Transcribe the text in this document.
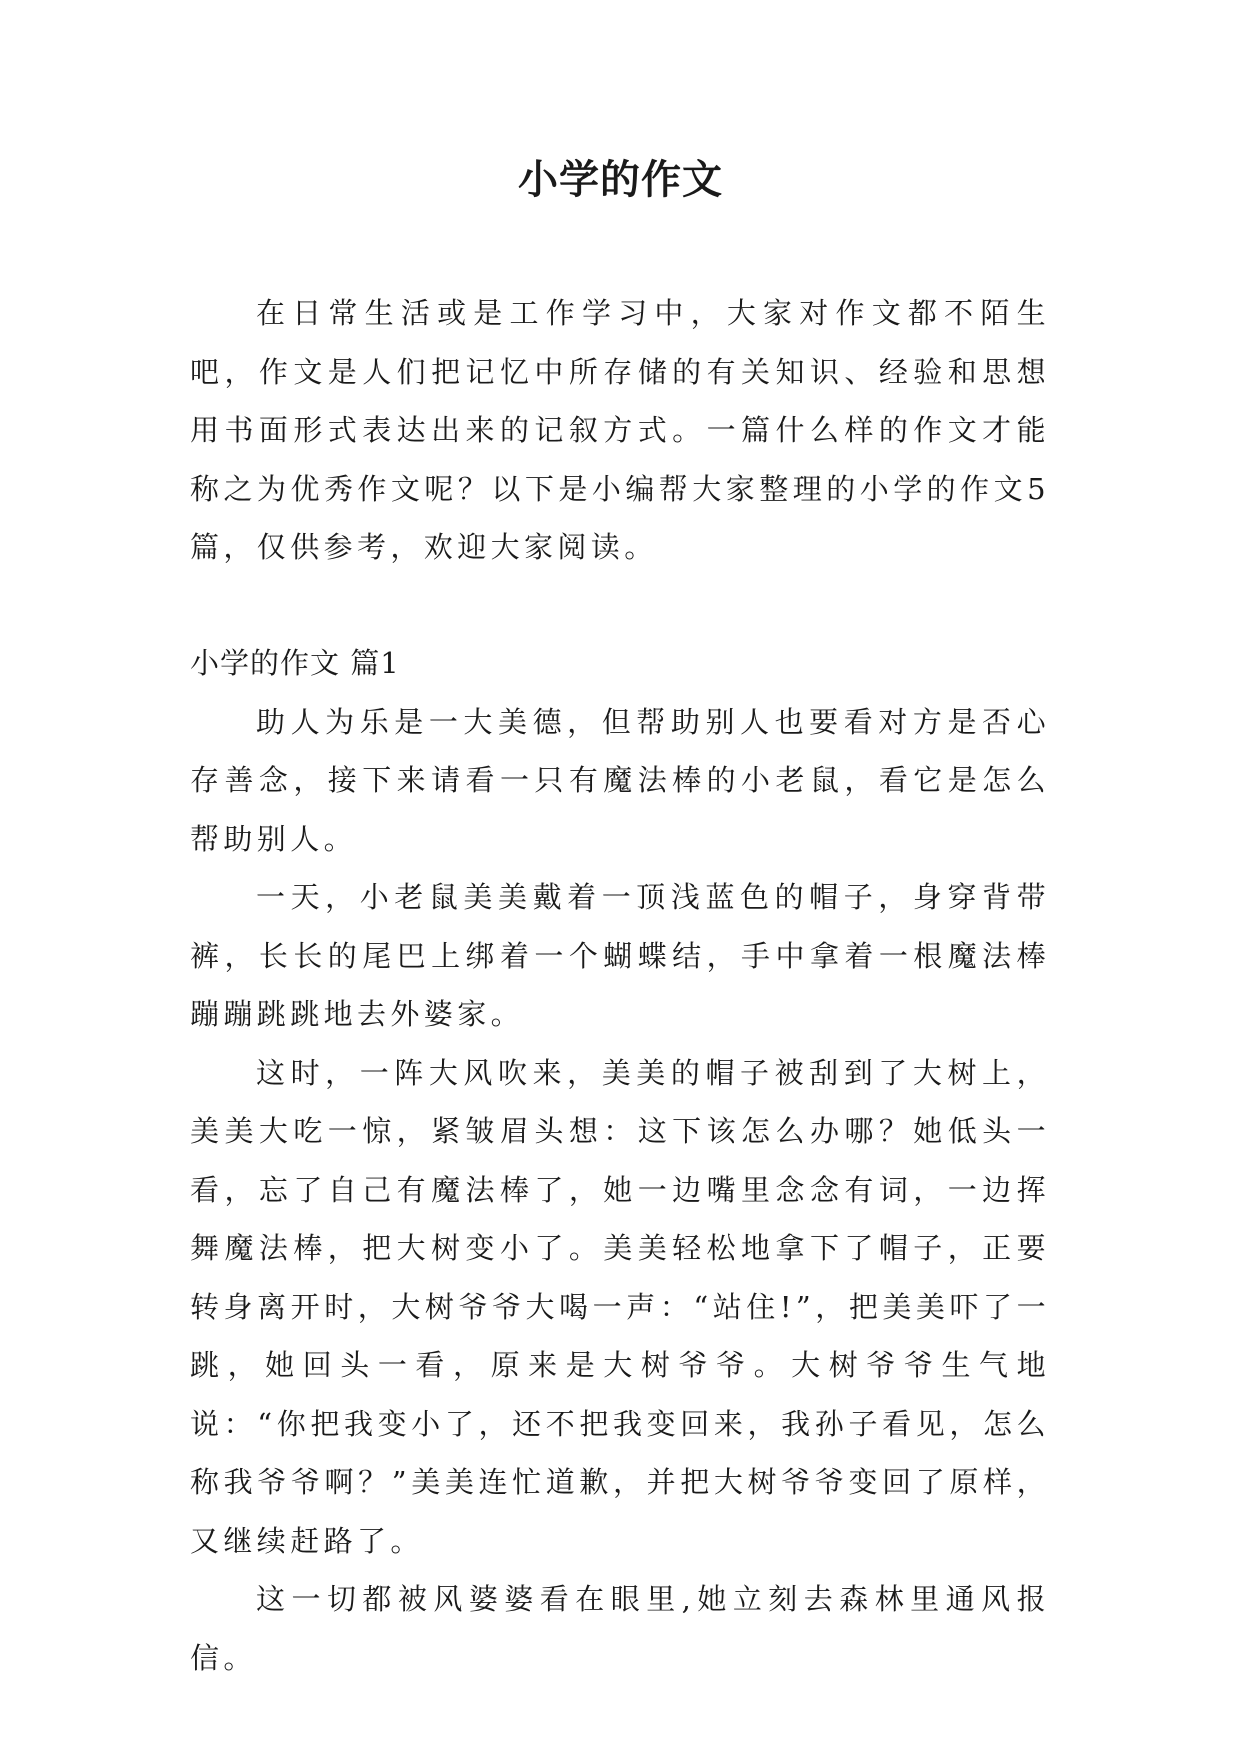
小学的作文

在日常生活或是工作学习中，大家对作文都不陌生吧，作文是人们把记忆中所存储的有关知识、经验和思想用书面形式表达出来的记叙方式。一篇什么样的作文才能称之为优秀作文呢？以下是小编帮大家整理的小学的作文5篇，仅供参考，欢迎大家阅读。

小学的作文 篇1

助人为乐是一大美德，但帮助别人也要看对方是否心存善念，接下来请看一只有魔法棒的小老鼠，看它是怎么帮助别人。

一天，小老鼠美美戴着一顶浅蓝色的帽子，身穿背带裤，长长的尾巴上绑着一个蝴蝶结，手中拿着一根魔法棒蹦蹦跳跳地去外婆家。

这时，一阵大风吹来，美美的帽子被刮到了大树上，美美大吃一惊，紧皱眉头想：这下该怎么办哪？她低头一看，忘了自己有魔法棒了，她一边嘴里念念有词，一边挥舞魔法棒，把大树变小了。美美轻松地拿下了帽子，正要转身离开时，大树爷爷大喝一声：“站住!”，把美美吓了一跳，她回头一看，原来是大树爷爷。大树爷爷生气地说：“你把我变小了，还不把我变回来，我孙子看见，怎么称我爷爷啊？”美美连忙道歉，并把大树爷爷变回了原样，又继续赶路了。

这一切都被风婆婆看在眼里,她立刻去森林里通风报信。
